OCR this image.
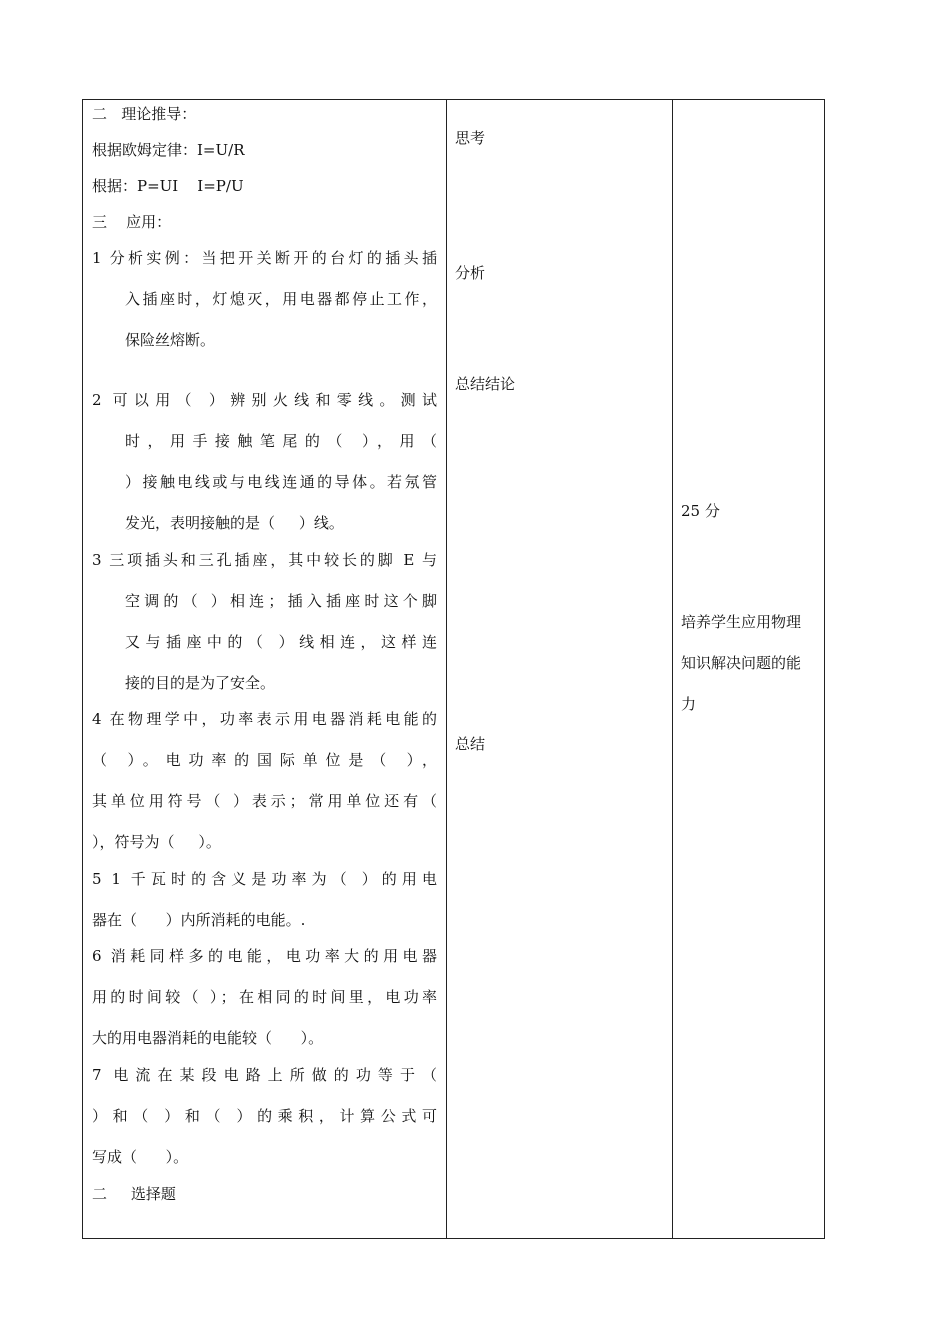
二   理论推导：
根据欧姆定律：I=U/R
根据：P=UI    I=P/U
三    应用：
1 分析实例：当把开关断开的台灯的插头插
入插座时，灯熄灭，用电器都停止工作，
保险丝熔断。
2 可以用（ ）辨别火线和零线。测试
时，用手接触笔尾的（ ），用（
）接触电线或与电线连通的导体。若氖管
发光，表明接触的是（     ）线。
3 三项插头和三孔插座，其中较长的脚 E 与
空调的（ ）相连；插入插座时这个脚
又与插座中的（ ）线相连，这样连
接的目的是为了安全。
4 在物理学中，功率表示用电器消耗电能的
（ ）。电功率的国际单位是（ ），
其单位用符号（ ）表示；常用单位还有（
），符号为（     ）。
5 1 千瓦时的含义是功率为（ ）的用电
器在（      ）内所消耗的电能。.
6 消耗同样多的电能，电功率大的用电器
用的时间较（ ）；在相同的时间里，电功率
大的用电器消耗的电能较（      ）。
7 电流在某段电路上所做的功等于（
）和（ ）和（ ）的乘积，计算公式可
写成（      ）。
二     选择题
思考
分析
总结结论
总结
25 分
培养学生应用物理
知识解决问题的能
力
